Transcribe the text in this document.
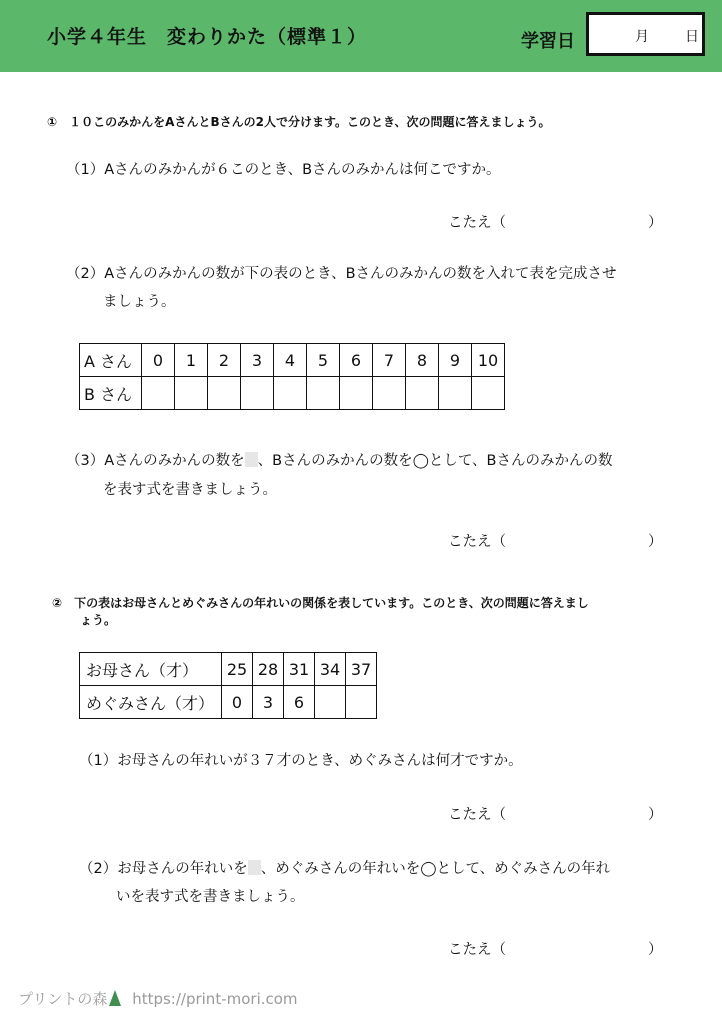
小学４年生　変わりかた（標準１）	学習日	月	日
①　１０このみかんをAさんとBさんの2人で分けます。このとき、次の問題に答えましょう。
（1）Aさんのみかんが６このとき、Bさんのみかんは何こですか。
こたえ（	）
（2）Aさんのみかんの数が下の表のとき、Bさんのみかんの数を入れて表を完成させ
ましょう。
A さん	0	1	2	3	4	5	6	7	8	9	10
B さん											
（3）Aさんのみかんの数を 、Bさんのみかんの数を◯として、Bさんのみかんの数
を表す式を書きましょう。
こたえ（	）
②　下の表はお母さんとめぐみさんの年れいの関係を表しています。このとき、次の問題に答えまし
ょう。
お母さん（才）	25	28	31	34	37
めぐみさん（才）	0	3	6		
（1）お母さんの年れいが３７才のとき、めぐみさんは何才ですか。
こたえ（	）
（2）お母さんの年れいを 、めぐみさんの年れいを◯として、めぐみさんの年れ
いを表す式を書きましょう。
こたえ（	）
プリントの森 https://print-mori.com
